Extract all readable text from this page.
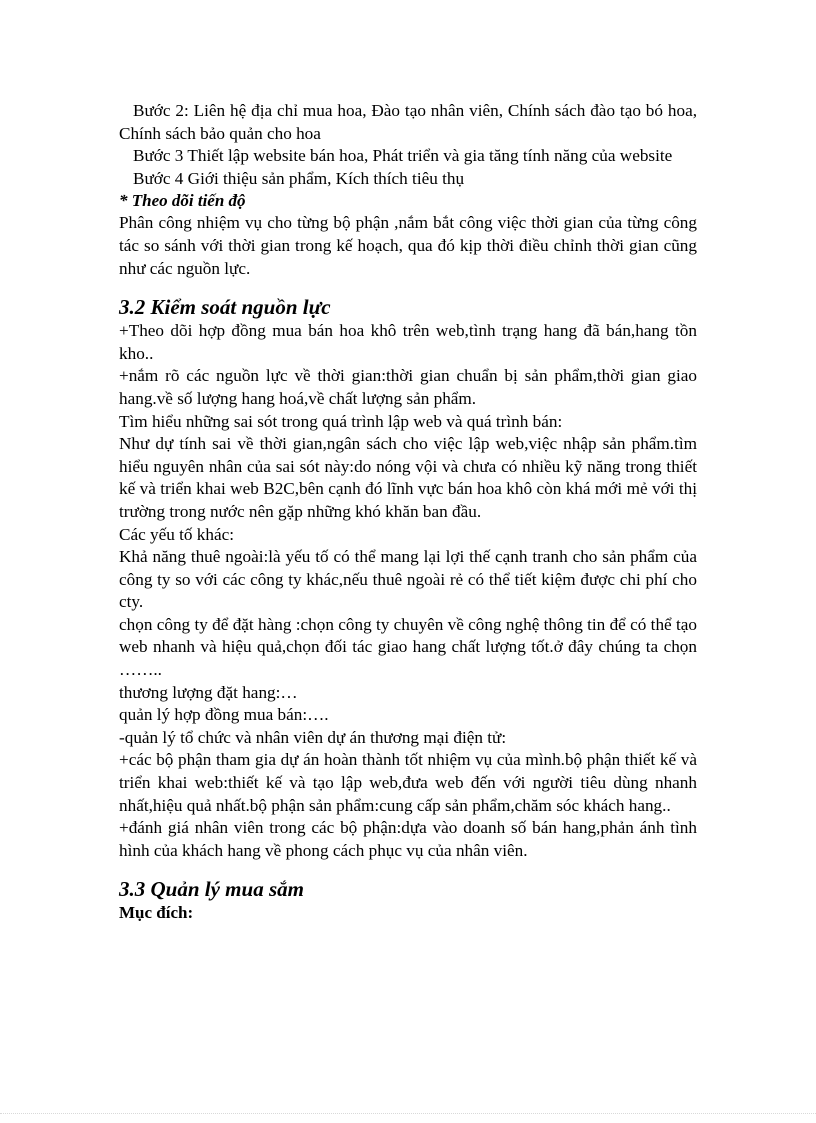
Bước 2: Liên hệ địa chỉ mua hoa, Đào tạo nhân viên, Chính sách đào tạo bó hoa, Chính sách bảo quản cho hoa

Bước 3 Thiết lập website bán hoa, Phát triển và gia tăng tính năng của website

Bước 4 Giới thiệu sản phẩm, Kích thích tiêu thụ

* Theo dõi tiến độ

Phân công nhiệm vụ cho từng bộ phận ,nắm bắt công việc thời gian của từng công tác so sánh với thời gian trong kế hoạch, qua đó kịp thời điều chỉnh thời gian cũng như các nguồn lực.

3.2 Kiểm soát nguồn lực

+Theo dõi hợp đồng mua bán hoa khô trên web,tình trạng hang đã bán,hang tồn kho..

+nắm rõ các nguồn lực về thời gian:thời gian chuẩn bị sản phẩm,thời gian giao hang.về số lượng hang hoá,về chất lượng sản phẩm.

Tìm hiểu những sai sót trong quá trình lập web và quá trình bán:

Như dự tính sai về thời gian,ngân sách cho việc lập web,việc nhập sản phẩm.tìm hiểu nguyên nhân của sai sót này:do nóng vội và chưa có nhiều kỹ năng trong thiết kế và triển khai web B2C,bên cạnh đó lĩnh vực bán hoa khô còn khá mới mẻ với thị trường trong nước nên gặp những khó khăn ban đầu.

Các yếu tố khác:

Khả năng thuê ngoài:là yếu tố có thể mang lại lợi thế cạnh tranh cho sản phẩm của công ty so với các công ty khác,nếu thuê ngoài rẻ có thể tiết kiệm được chi phí cho cty.

chọn công ty để đặt hàng :chọn công ty chuyên về công nghệ thông tin để có thể tạo web nhanh và hiệu quả,chọn đối tác giao hang chất lượng tốt.ở đây chúng ta chọn ……..

thương lượng đặt hang:…

quản lý hợp đồng mua bán:….

-quản lý tổ chức và nhân viên dự án thương mại điện tử:

+các bộ phận tham gia dự án hoàn thành tốt nhiệm vụ của mình.bộ phận thiết kế và triển khai web:thiết kế và tạo lập web,đưa web đến với người tiêu dùng nhanh nhất,hiệu quả nhất.bộ phận sản phẩm:cung cấp sản phẩm,chăm sóc khách hang..

+đánh giá nhân viên trong các bộ phận:dựa vào doanh số bán hang,phản ánh tình hình của khách hang về phong cách phục vụ của nhân viên.

3.3 Quản lý mua sắm

Mục đích:
